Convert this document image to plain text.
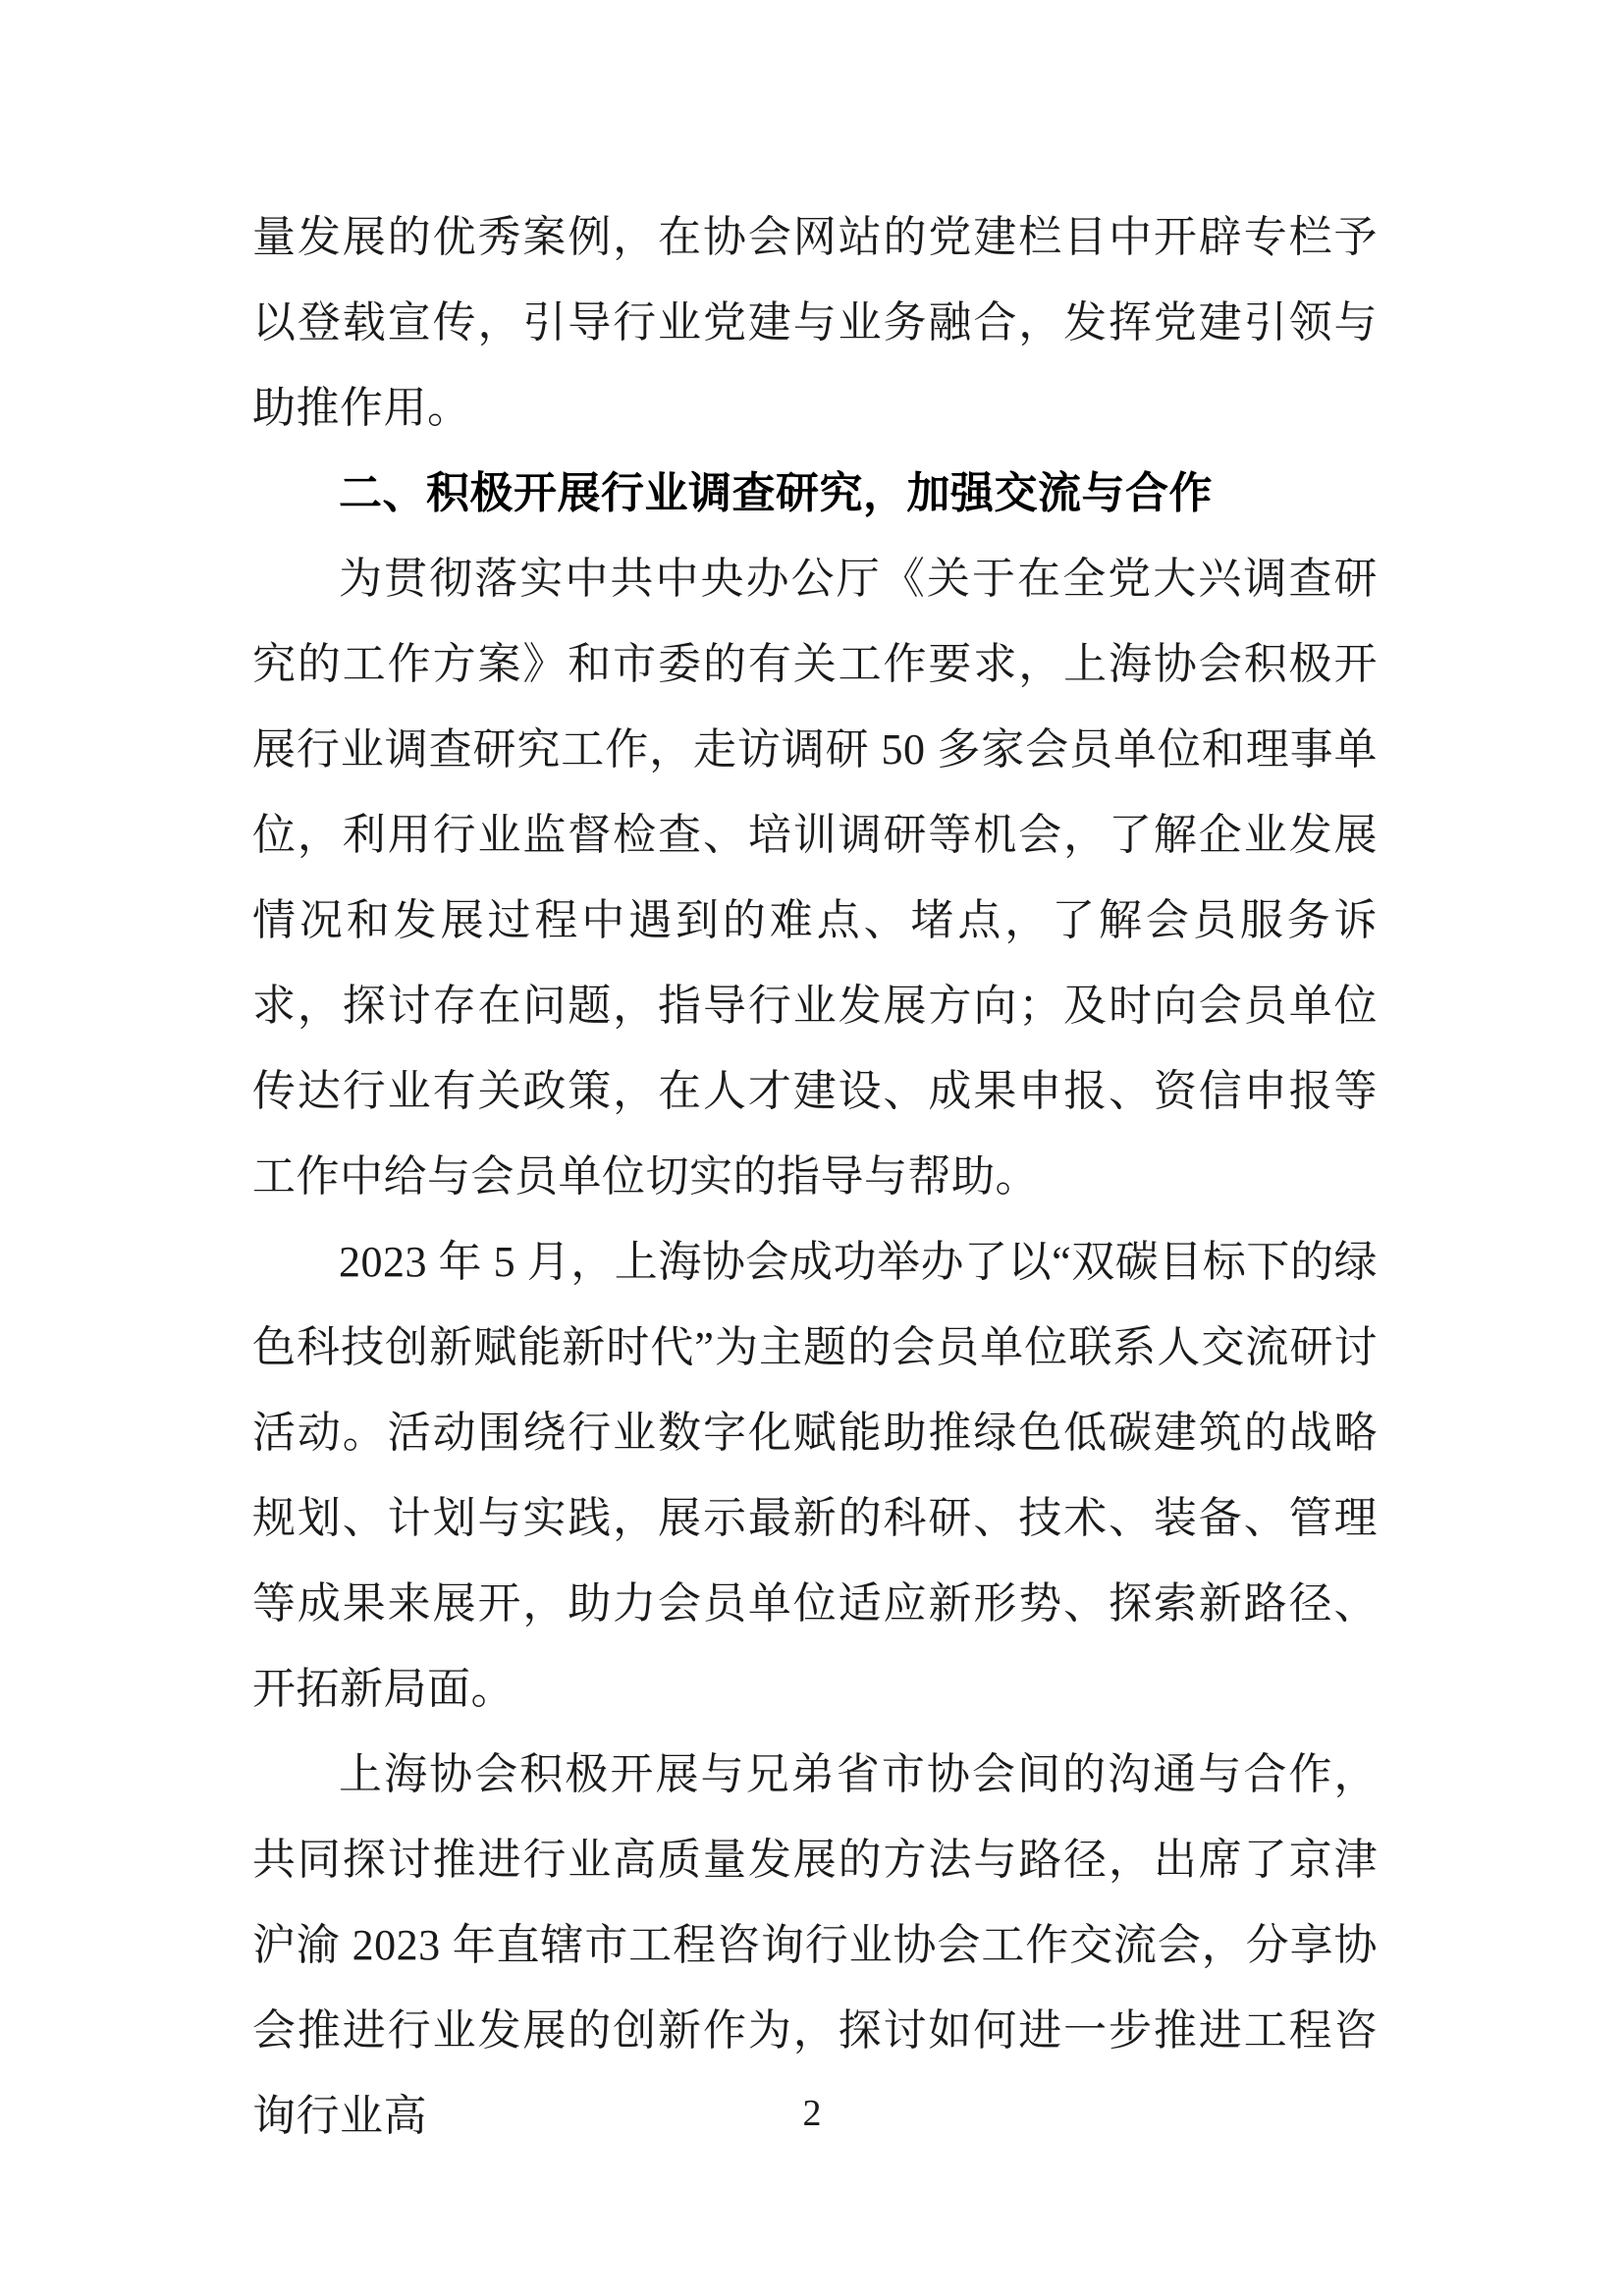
量发展的优秀案例，在协会网站的党建栏目中开辟专栏予以登载宣传，引导行业党建与业务融合，发挥党建引领与助推作用。

二、积极开展行业调查研究，加强交流与合作

为贯彻落实中共中央办公厅《关于在全党大兴调查研究的工作方案》和市委的有关工作要求，上海协会积极开展行业调查研究工作，走访调研 50 多家会员单位和理事单位，利用行业监督检查、培训调研等机会，了解企业发展情况和发展过程中遇到的难点、堵点，了解会员服务诉求，探讨存在问题，指导行业发展方向；及时向会员单位传达行业有关政策，在人才建设、成果申报、资信申报等工作中给与会员单位切实的指导与帮助。

2023 年 5 月，上海协会成功举办了以“双碳目标下的绿色科技创新赋能新时代”为主题的会员单位联系人交流研讨活动。活动围绕行业数字化赋能助推绿色低碳建筑的战略规划、计划与实践，展示最新的科研、技术、装备、管理等成果来展开，助力会员单位适应新形势、探索新路径、开拓新局面。

上海协会积极开展与兄弟省市协会间的沟通与合作，共同探讨推进行业高质量发展的方法与路径，出席了京津沪渝 2023 年直辖市工程咨询行业协会工作交流会，分享协会推进行业发展的创新作为，探讨如何进一步推进工程咨询行业高	2
